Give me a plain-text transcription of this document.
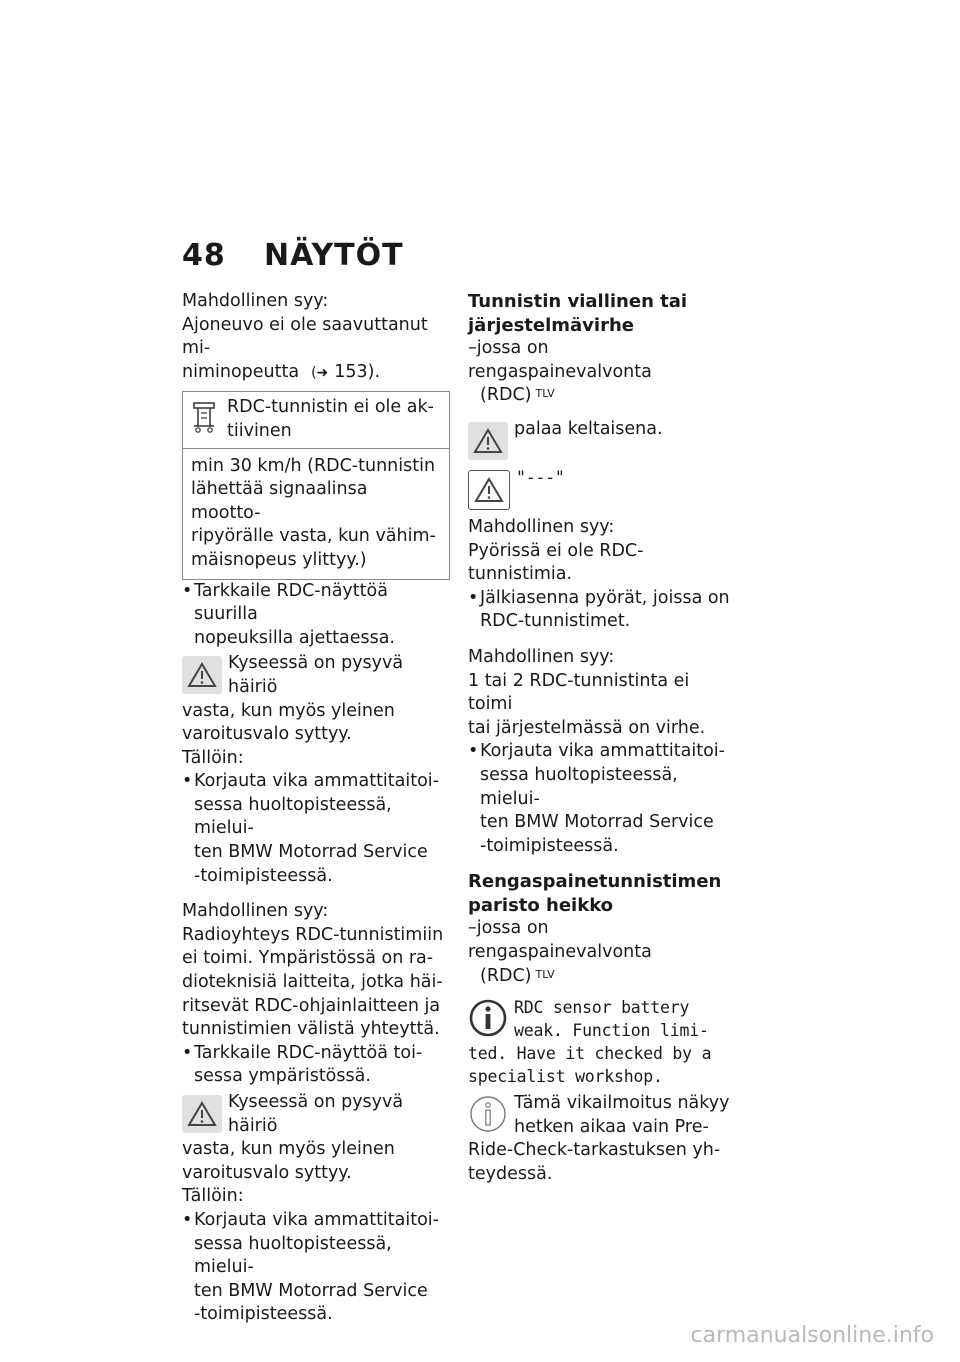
48 NÄYTÖT

Mahdollinen syy:

Ajoneuvo ei ole saavuttanut mi-

niminopeutta (➜ 153).

RDC-tunnistin ei ole ak-

tiivinen

min 30 km/h (RDC-tunnistin

lähettää signaalinsa mootto-

ripyörälle vasta, kun vähim-

mäisnopeus ylittyy.)

• Tarkkaile RDC-näyttöä suurilla

nopeuksilla ajettaessa.

Kyseessä on pysyvä häiriö

vasta, kun myös yleinen

varoitusvalo syttyy.

Tällöin:

• Korjauta vika ammattitaitoi-

sessa huoltopisteessä, mielui-

ten BMW Motorrad Service

-toimipisteessä.

Mahdollinen syy:

Radioyhteys RDC-tunnistimiin

ei toimi. Ympäristössä on ra-

dioteknisiä laitteita, jotka häi-

ritsevät RDC-ohjainlaitteen ja

tunnistimien välistä yhteyttä.

• Tarkkaile RDC-näyttöä toi-

sessa ympäristössä.

Kyseessä on pysyvä häiriö

vasta, kun myös yleinen

varoitusvalo syttyy.

Tällöin:

• Korjauta vika ammattitaitoi-

sessa huoltopisteessä, mielui-

ten BMW Motorrad Service

-toimipisteessä.

Tunnistin viallinen tai

järjestelmävirhe

–jossa on rengaspainevalvonta

(RDC) $^{TLV}$

palaa keltaisena.

"---"

Mahdollinen syy:

Pyörissä ei ole RDC-tunnistimia.

• Jälkiasenna pyörät, joissa on

RDC-tunnistimet.

Mahdollinen syy:

1 tai 2 RDC-tunnistinta ei toimi

tai järjestelmässä on virhe.

• Korjauta vika ammattitaitoi-

sessa huoltopisteessä, mielui-

ten BMW Motorrad Service

-toimipisteessä.

Rengaspainetunnistimen

paristo heikko

–jossa on rengaspainevalvonta

(RDC) $^{TLV}$

RDC sensor battery

weak. Function limi-

ted. Have it checked by a

specialist workshop.

Tämä vikailmoitus näkyy

hetken aikaa vain Pre-

Ride-Check-tarkastuksen yh-

teydessä.

carmanualsonline.info
